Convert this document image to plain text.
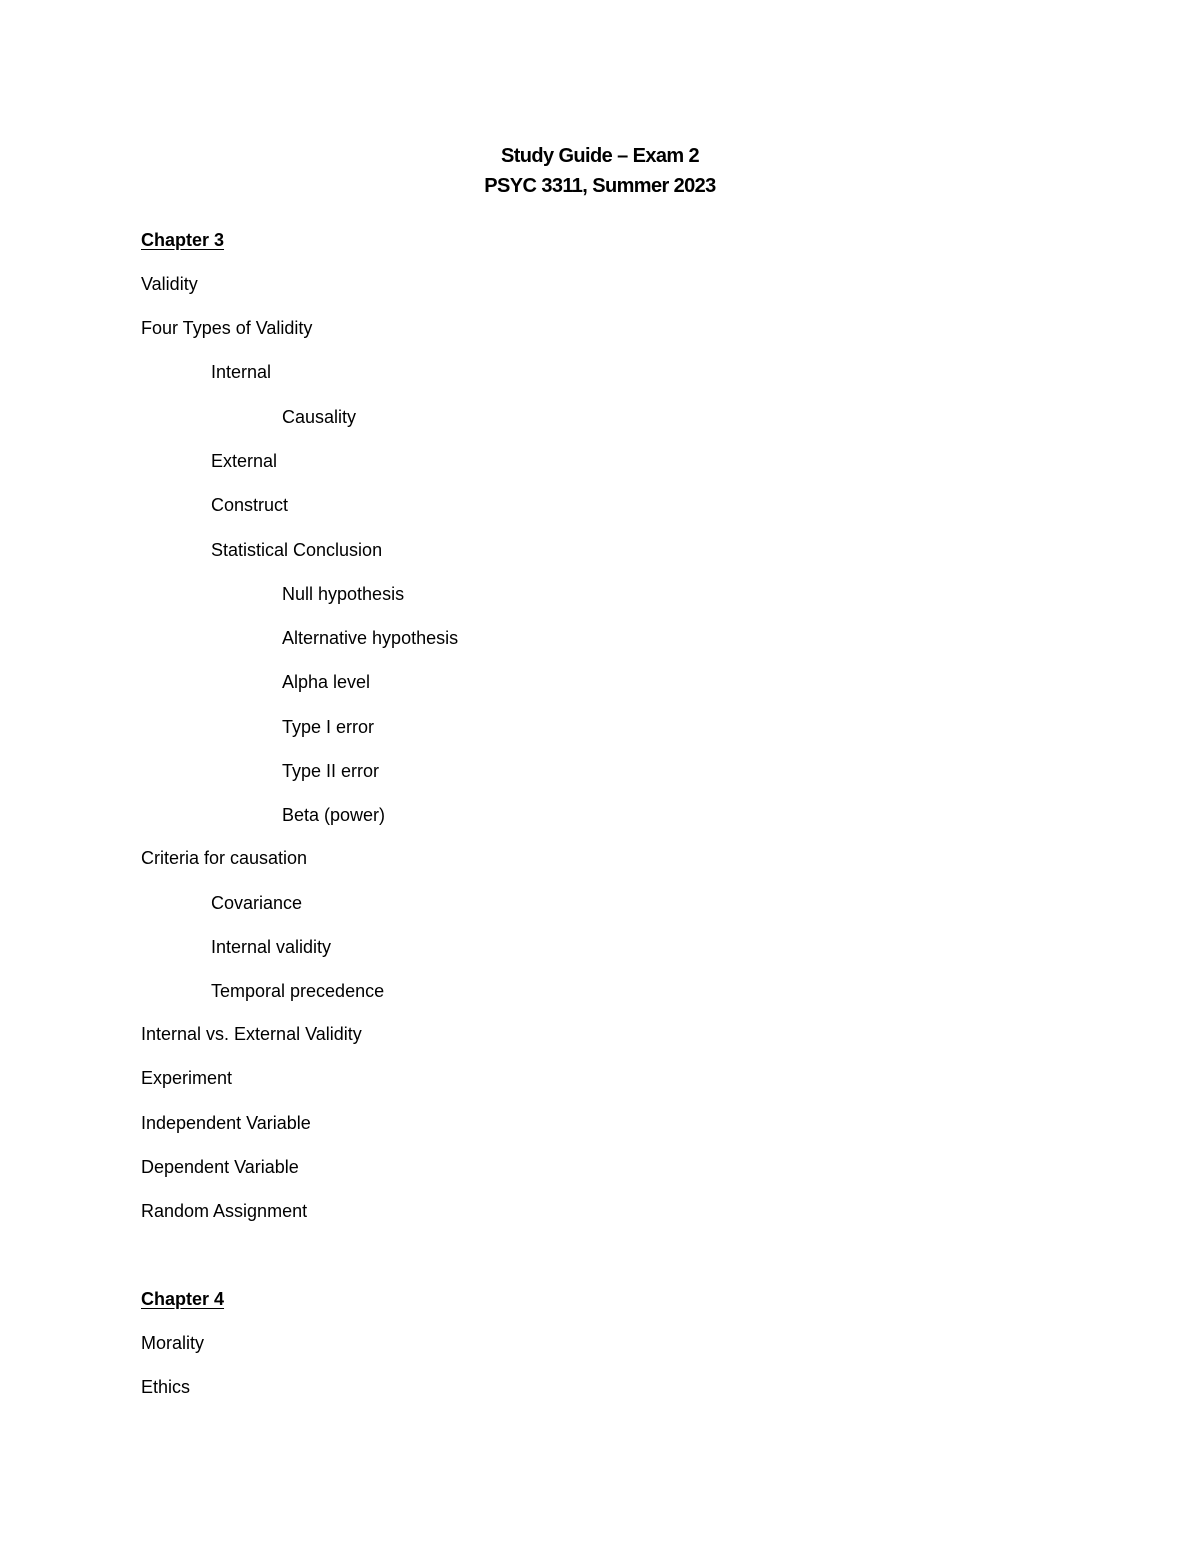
Study Guide – Exam 2
PSYC 3311, Summer 2023
Chapter 3
Validity
Four Types of Validity
Internal
Causality
External
Construct
Statistical Conclusion
Null hypothesis
Alternative hypothesis
Alpha level
Type I error
Type II error
Beta (power)
Criteria for causation
Covariance
Internal validity
Temporal precedence
Internal vs. External Validity
Experiment
Independent Variable
Dependent Variable
Random Assignment
Chapter 4
Morality
Ethics
